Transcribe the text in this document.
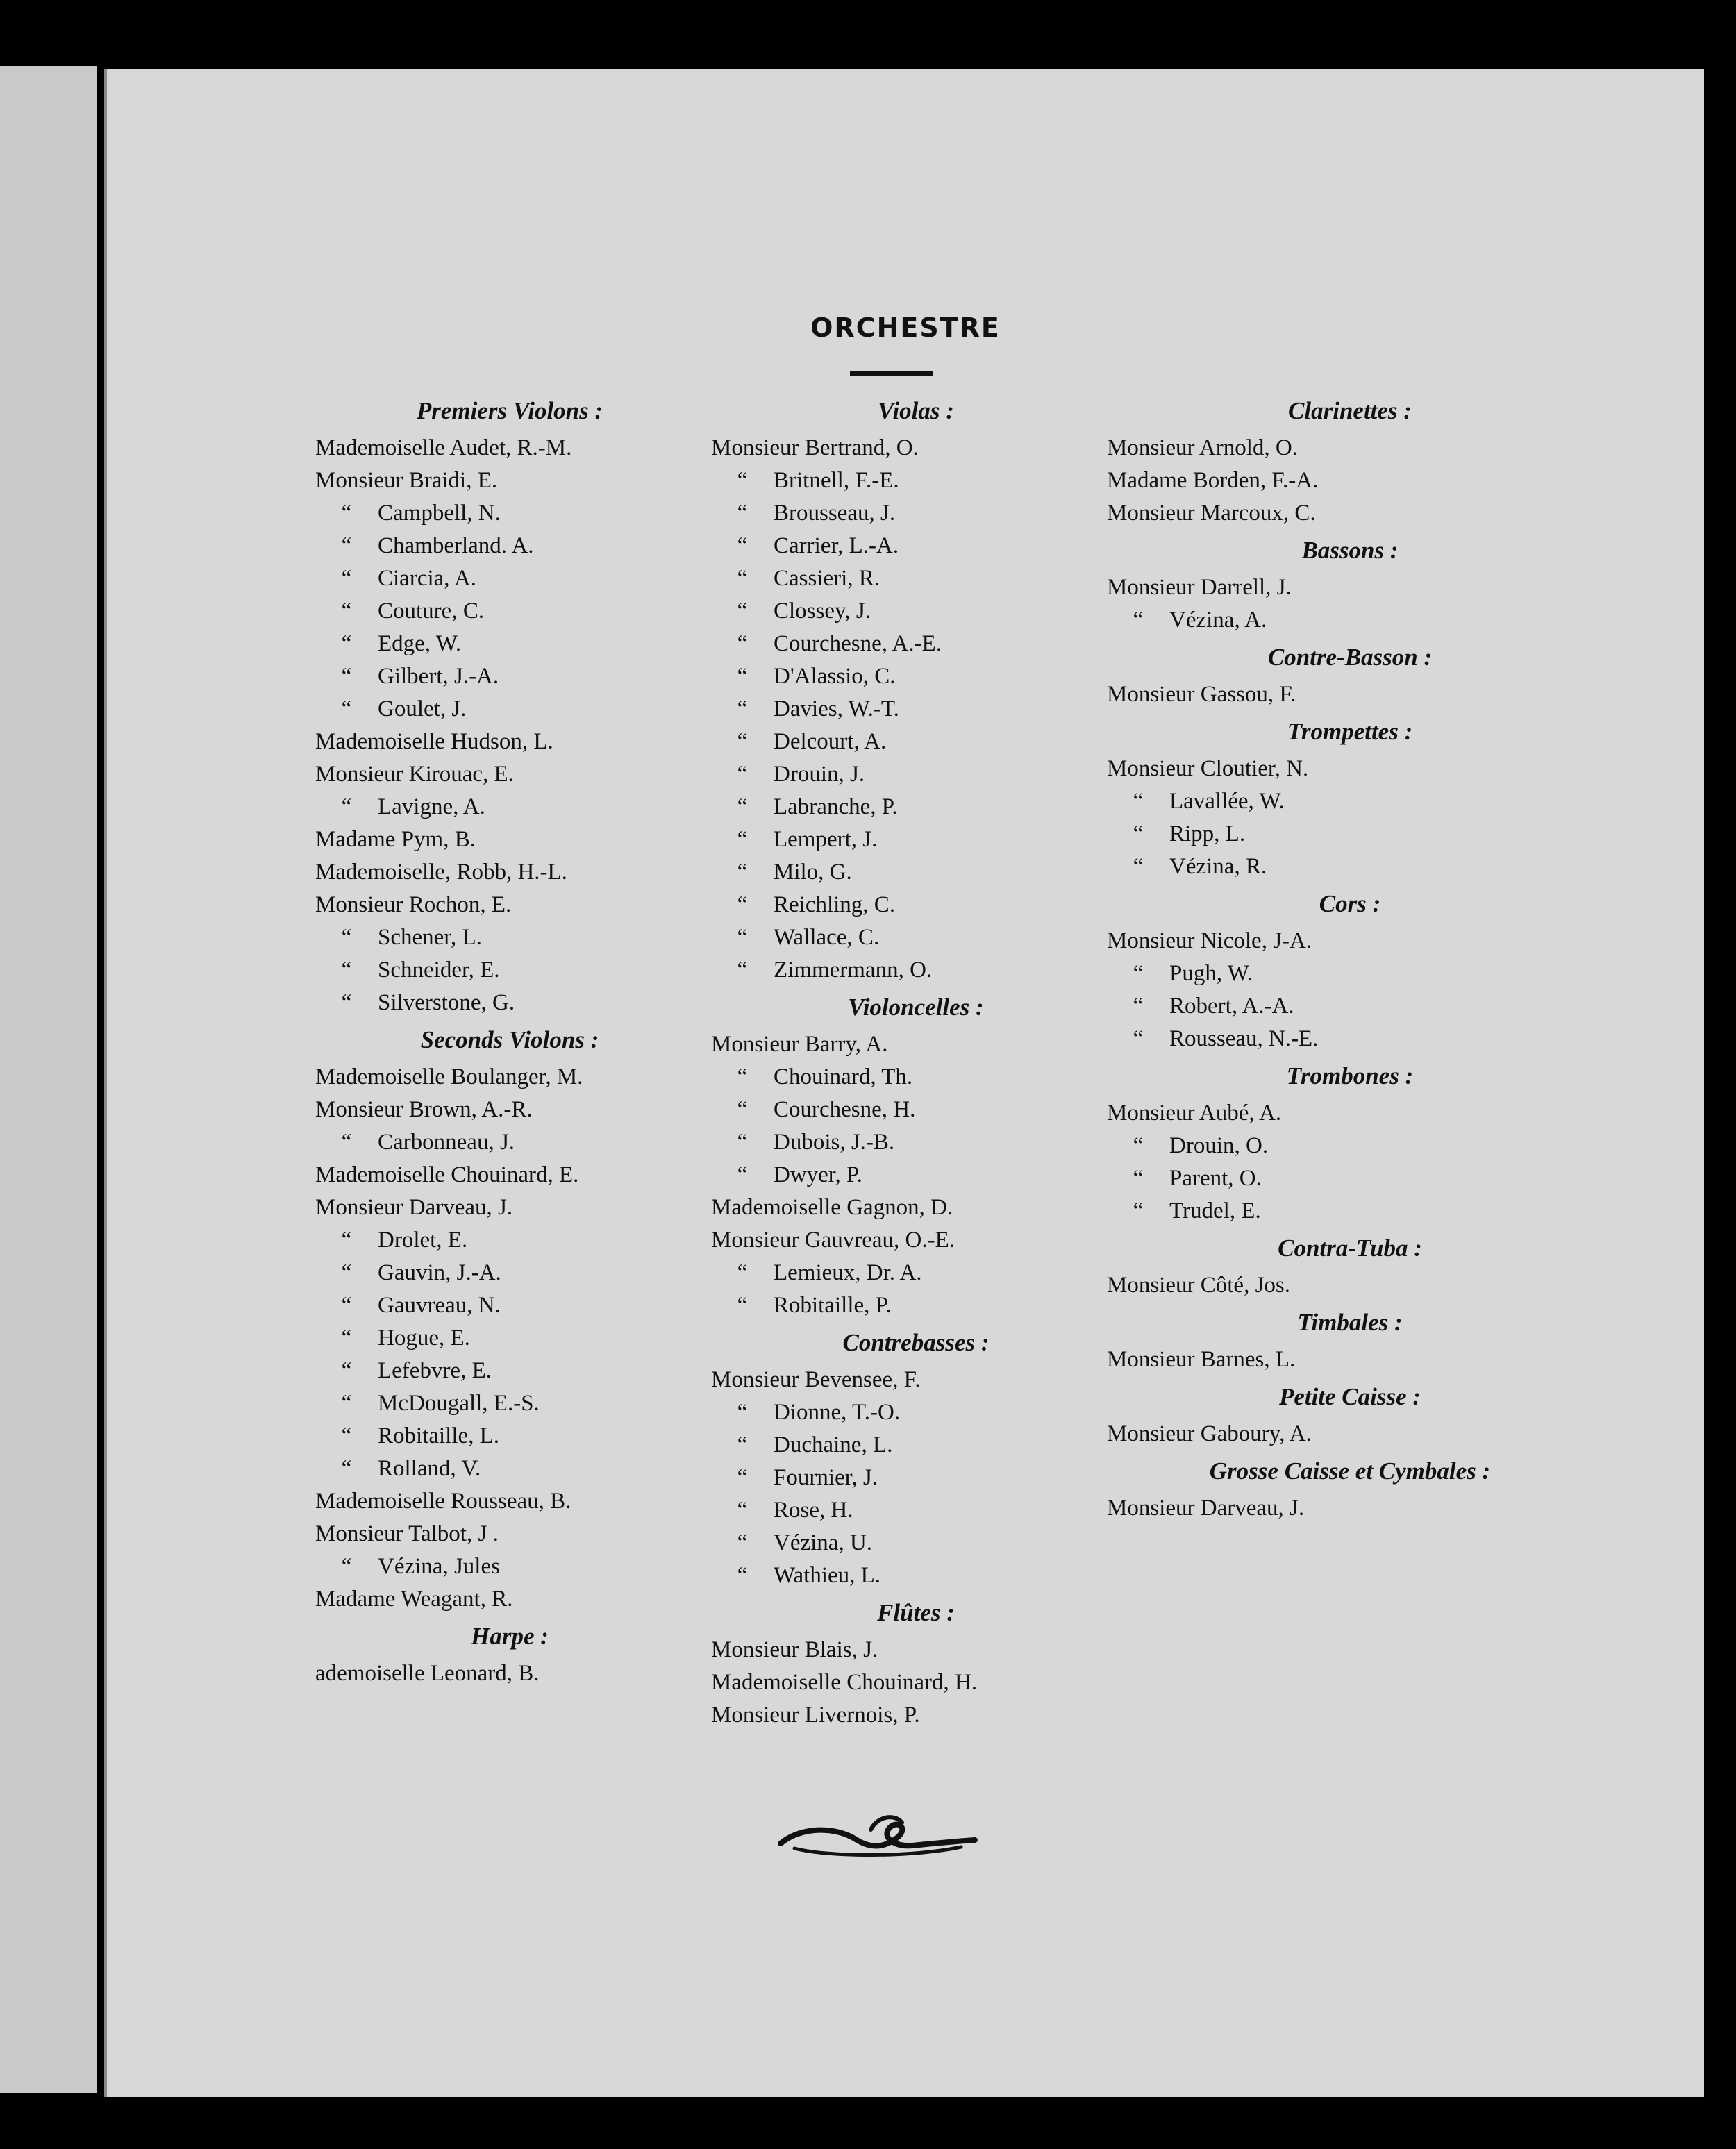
ORCHESTRE
Premiers Violons :
Mademoiselle Audet, R.-M.
Monsieur Braidi, E.
“ Campbell, N.
“ Chamberland. A.
“ Ciarcia, A.
“ Couture, C.
“ Edge, W.
“ Gilbert, J.-A.
“ Goulet, J.
Mademoiselle Hudson, L.
Monsieur Kirouac, E.
“ Lavigne, A.
Madame Pym, B.
Mademoiselle, Robb, H.-L.
Monsieur Rochon, E.
“ Schener, L.
“ Schneider, E.
“ Silverstone, G.
Seconds Violons :
Mademoiselle Boulanger, M.
Monsieur Brown, A.-R.
“ Carbonneau, J.
Mademoiselle Chouinard, E.
Monsieur Darveau, J.
“ Drolet, E.
“ Gauvin, J.-A.
“ Gauvreau, N.
“ Hogue, E.
“ Lefebvre, E.
“ McDougall, E.-S.
“ Robitaille, L.
“ Rolland, V.
Mademoiselle Rousseau, B.
Monsieur Talbot, J .
“ Vézina, Jules
Madame Weagant, R.
Harpe :
ademoiselle Leonard, B.
Violas :
Monsieur Bertrand, O.
“ Britnell, F.-E.
“ Brousseau, J.
“ Carrier, L.-A.
“ Cassieri, R.
“ Clossey, J.
“ Courchesne, A.-E.
“ D'Alassio, C.
“ Davies, W.-T.
“ Delcourt, A.
“ Drouin, J.
“ Labranche, P.
“ Lempert, J.
“ Milo, G.
“ Reichling, C.
“ Wallace, C.
“ Zimmermann, O.
Violoncelles :
Monsieur Barry, A.
“ Chouinard, Th.
“ Courchesne, H.
“ Dubois, J.-B.
“ Dwyer, P.
Mademoiselle Gagnon, D.
Monsieur Gauvreau, O.-E.
“ Lemieux, Dr. A.
“ Robitaille, P.
Contrebasses :
Monsieur Bevensee, F.
“ Dionne, T.-O.
“ Duchaine, L.
“ Fournier, J.
“ Rose, H.
“ Vézina, U.
“ Wathieu, L.
Flûtes :
Monsieur Blais, J.
Mademoiselle Chouinard, H.
Monsieur Livernois, P.
Clarinettes :
Monsieur Arnold, O.
Madame Borden, F.-A.
Monsieur Marcoux, C.
Bassons :
Monsieur Darrell, J.
“ Vézina, A.
Contre-Basson :
Monsieur Gassou, F.
Trompettes :
Monsieur Cloutier, N.
“ Lavallée, W.
“ Ripp, L.
“ Vézina, R.
Cors :
Monsieur Nicole, J-A.
“ Pugh, W.
“ Robert, A.-A.
“ Rousseau, N.-E.
Trombones :
Monsieur Aubé, A.
“ Drouin, O.
“ Parent, O.
“ Trudel, E.
Contra-Tuba :
Monsieur Côté, Jos.
Timbales :
Monsieur Barnes, L.
Petite Caisse :
Monsieur Gaboury, A.
Grosse Caisse et Cymbales :
Monsieur Darveau, J.
